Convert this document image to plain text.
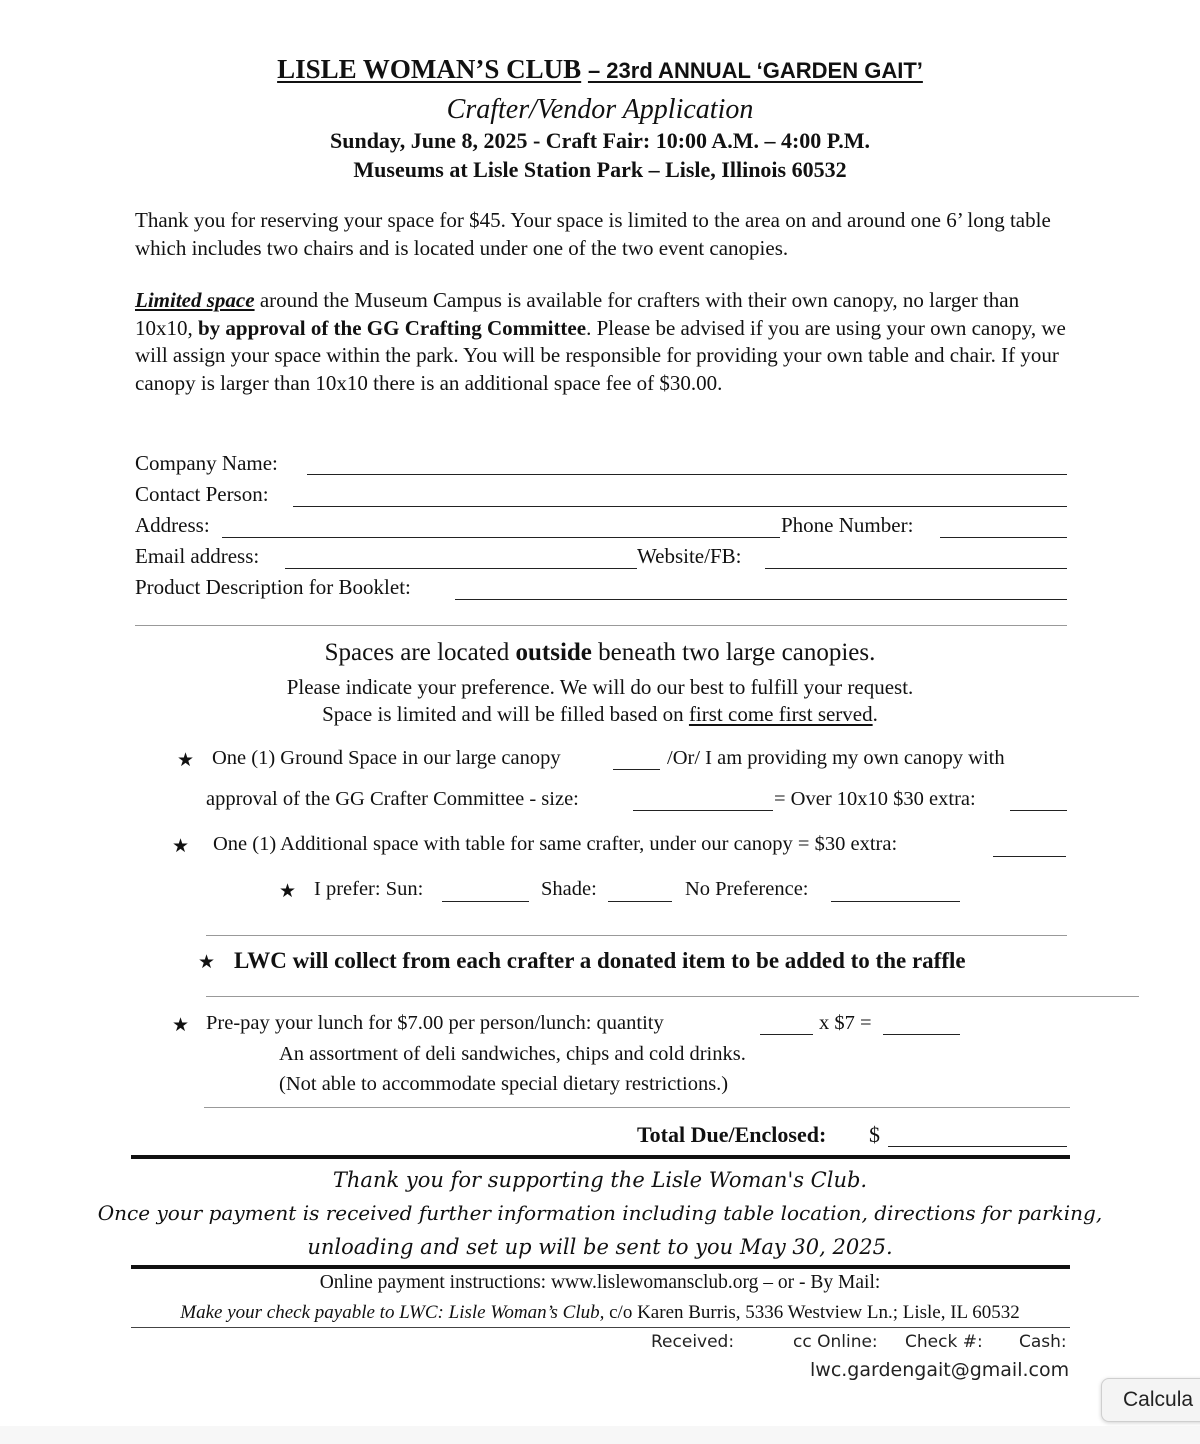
LISLE WOMAN’S CLUB – 23rd ANNUAL ‘GARDEN GAIT’
Crafter/Vendor Application
Sunday, June 8, 2025 - Craft Fair: 10:00 A.M. – 4:00 P.M.
Museums at Lisle Station Park – Lisle, Illinois 60532
Thank you for reserving your space for $45. Your space is limited to the area on and around one 6’ long table which includes two chairs and is located under one of the two event canopies.
Limited space around the Museum Campus is available for crafters with their own canopy, no larger than 10x10, by approval of the GG Crafting Committee. Please be advised if you are using your own canopy, we will assign your space within the park. You will be responsible for providing your own table and chair. If your canopy is larger than 10x10 there is an additional space fee of $30.00.
Company Name:
Contact Person:
Address:	Phone Number:
Email address:	Website/FB:
Product Description for Booklet:
Spaces are located outside beneath two large canopies.
Please indicate your preference. We will do our best to fulfill your request.
Space is limited and will be filled based on first come first served.
★ One (1) Ground Space in our large canopy	/Or/ I am providing my own canopy with
approval of the GG Crafter Committee - size:	= Over 10x10 $30 extra:
★ One (1) Additional space with table for same crafter, under our canopy = $30 extra:
★ I prefer: Sun:	Shade:	No Preference:
★ LWC will collect from each crafter a donated item to be added to the raffle
★ Pre-pay your lunch for $7.00 per person/lunch: quantity	x $7 =
An assortment of deli sandwiches, chips and cold drinks.
(Not able to accommodate special dietary restrictions.)
Total Due/Enclosed: $
Thank you for supporting the Lisle Woman's Club.
Once your payment is received further information including table location, directions for parking,
unloading and set up will be sent to you May 30, 2025.
Online payment instructions: www.lislewomansclub.org – or - By Mail:
Make your check payable to LWC: Lisle Woman’s Club, c/o Karen Burris, 5336 Westview Ln.; Lisle, IL 60532
Received:	cc Online: Check #: Cash:
lwc.gardengait@gmail.com
Calcula
